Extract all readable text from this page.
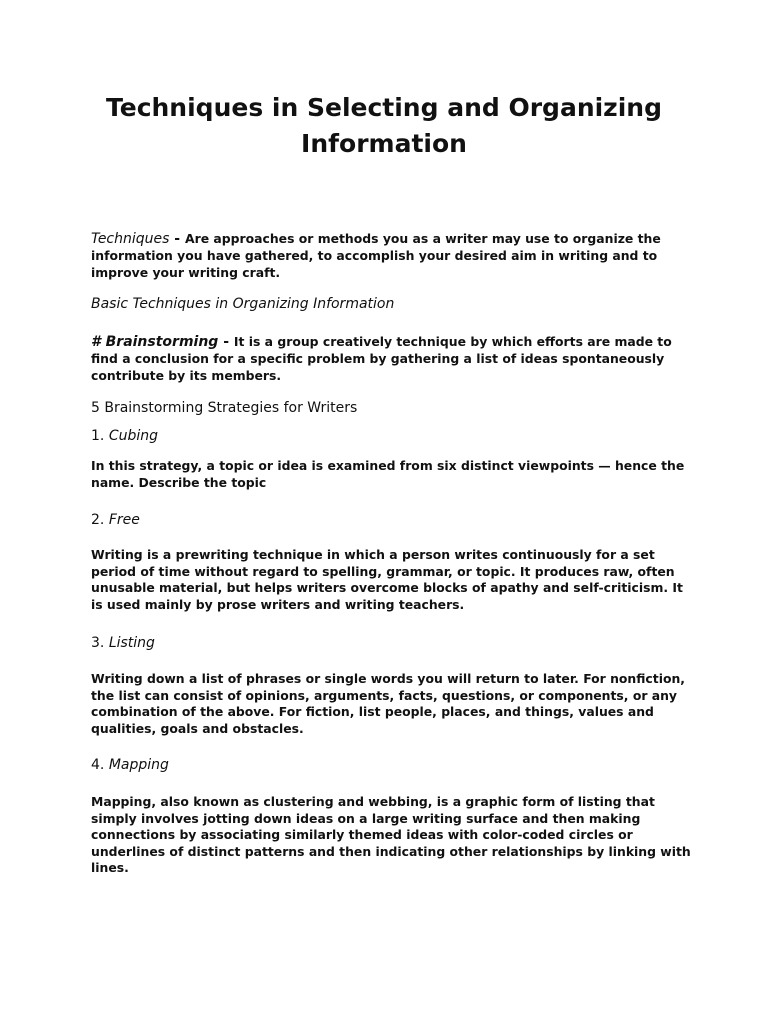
Techniques in Selecting and Organizing Information

Techniques - Are approaches or methods you as a writer may use to organize the information you have gathered, to accomplish your desired aim in writing and to improve your writing craft.

Basic Techniques in Organizing Information

# Brainstorming - It is a group creatively technique by which efforts are made to find a conclusion for a specific problem by gathering a list of ideas spontaneously contribute by its members.

5 Brainstorming Strategies for Writers

1. Cubing

In this strategy, a topic or idea is examined from six distinct viewpoints — hence the name. Describe the topic

2. Free

Writing is a prewriting technique in which a person writes continuously for a set period of time without regard to spelling, grammar, or topic. It produces raw, often unusable material, but helps writers overcome blocks of apathy and self-criticism. It is used mainly by prose writers and writing teachers.

3. Listing

Writing down a list of phrases or single words you will return to later. For nonfiction, the list can consist of opinions, arguments, facts, questions, or components, or any combination of the above. For fiction, list people, places, and things, values and qualities, goals and obstacles.

4. Mapping

Mapping, also known as clustering and webbing, is a graphic form of listing that simply involves jotting down ideas on a large writing surface and then making connections by associating similarly themed ideas with color-coded circles or underlines of distinct patterns and then indicating other relationships by linking with lines.
